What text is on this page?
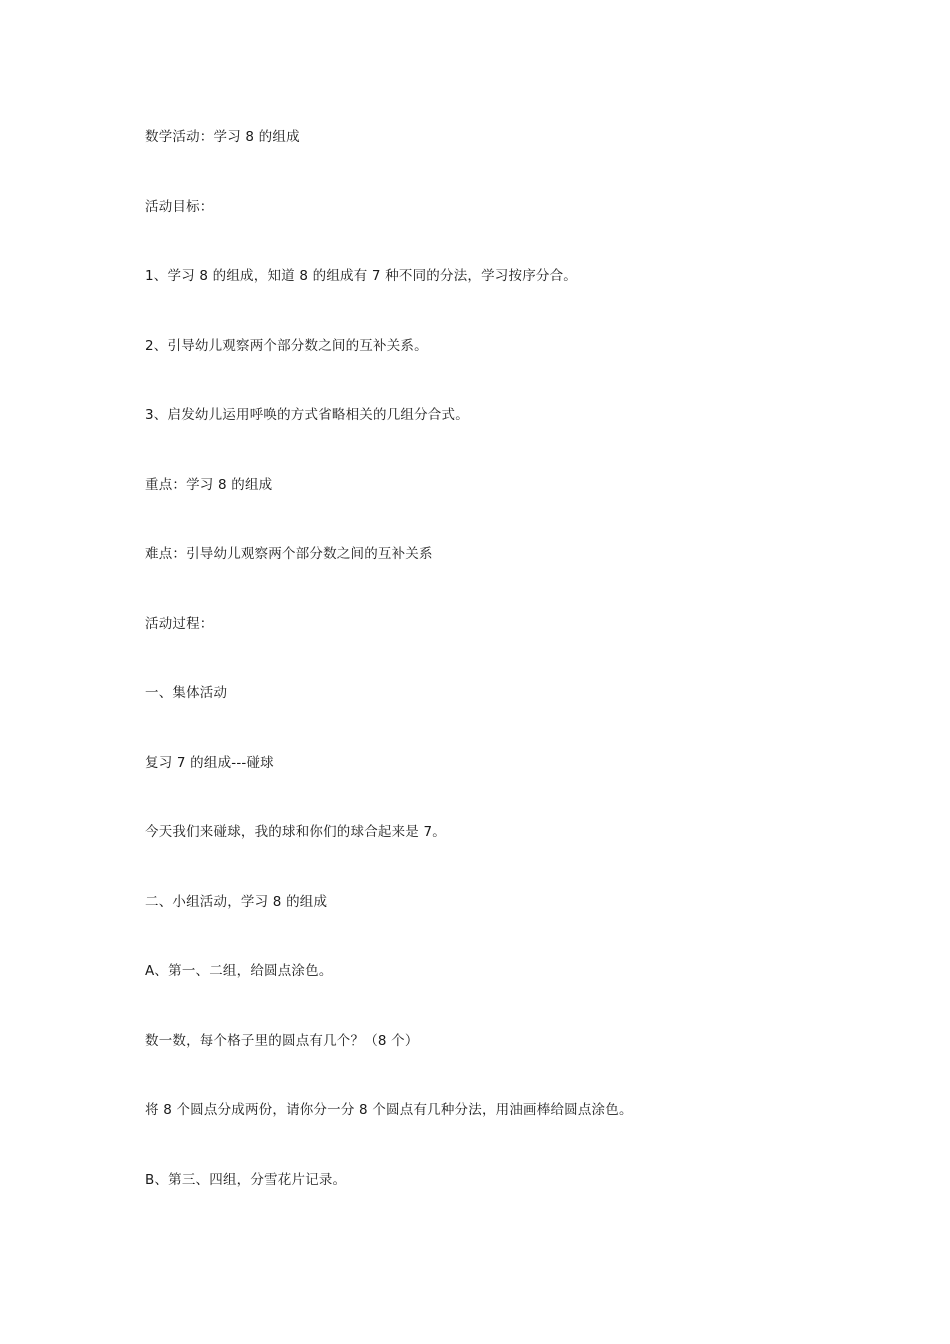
数学活动：学习 8 的组成
活动目标：
1、学习 8 的组成，知道 8 的组成有 7 种不同的分法，学习按序分合。
2、引导幼儿观察两个部分数之间的互补关系。
3、启发幼儿运用呼唤的方式省略相关的几组分合式。
重点：学习 8 的组成
难点：引导幼儿观察两个部分数之间的互补关系
活动过程：
一、集体活动
复习 7 的组成---碰球
今天我们来碰球，我的球和你们的球合起来是 7。
二、小组活动，学习 8 的组成
A、第一、二组，给圆点涂色。
数一数，每个格子里的圆点有几个？（8 个）
将 8 个圆点分成两份，请你分一分 8 个圆点有几种分法，用油画棒给圆点涂色。
B、第三、四组，分雪花片记录。
